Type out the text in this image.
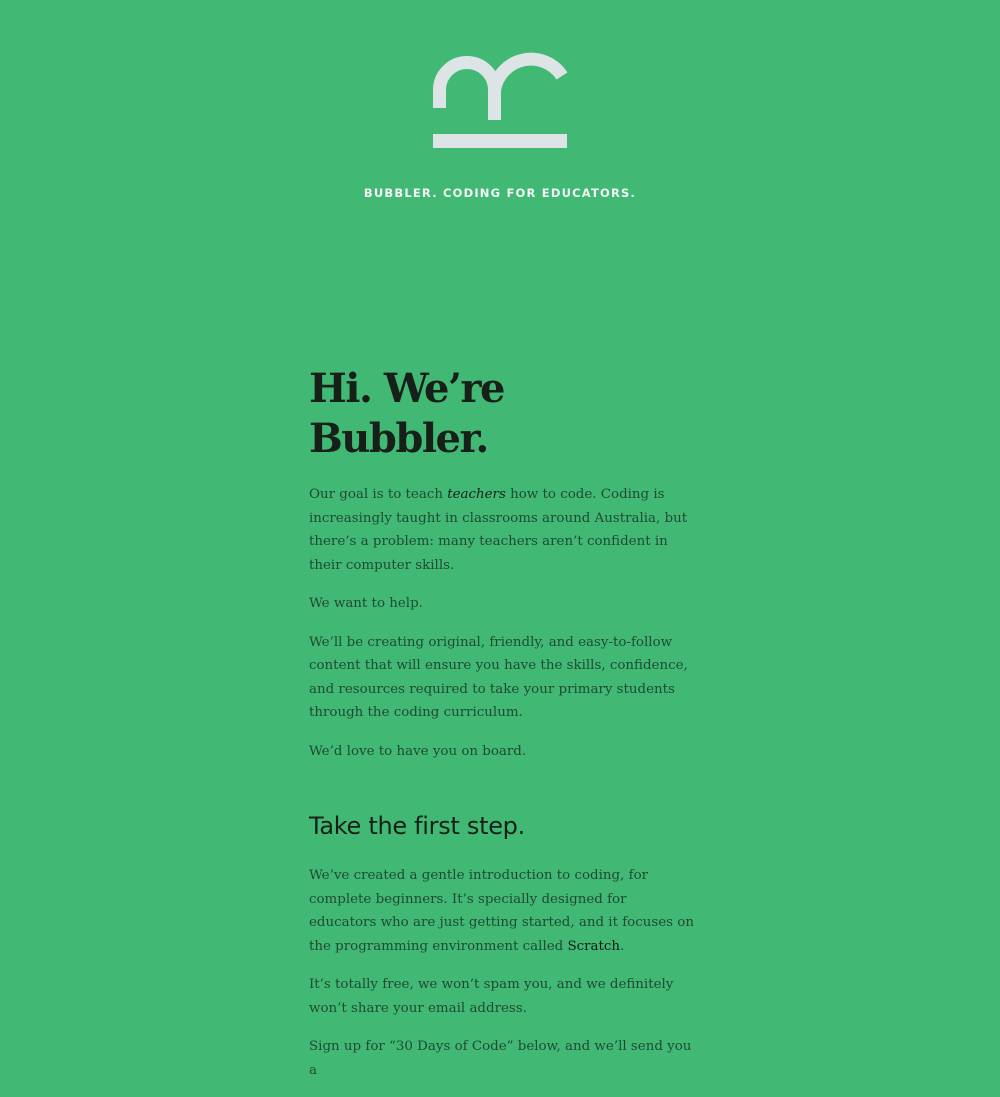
BUBBLER. CODING FOR EDUCATORS.
Hi. We’re Bubbler.

Our goal is to teach teachers how to code. Coding is increasingly taught in classrooms around Australia, but there’s a problem: many teachers aren’t confident in their computer skills.

We want to help.

We’ll be creating original, friendly, and easy-to-follow content that will ensure you have the skills, confidence, and resources required to take your primary students through the coding curriculum.

We’d love to have you on board.

Take the first step.

We’ve created a gentle introduction to coding, for complete beginners. It’s specially designed for educators who are just getting started, and it focuses on the programming environment called Scratch.

It’s totally free, we won’t spam you, and we definitely won’t share your email address.

Sign up for “30 Days of Code” below, and we’ll send you a
